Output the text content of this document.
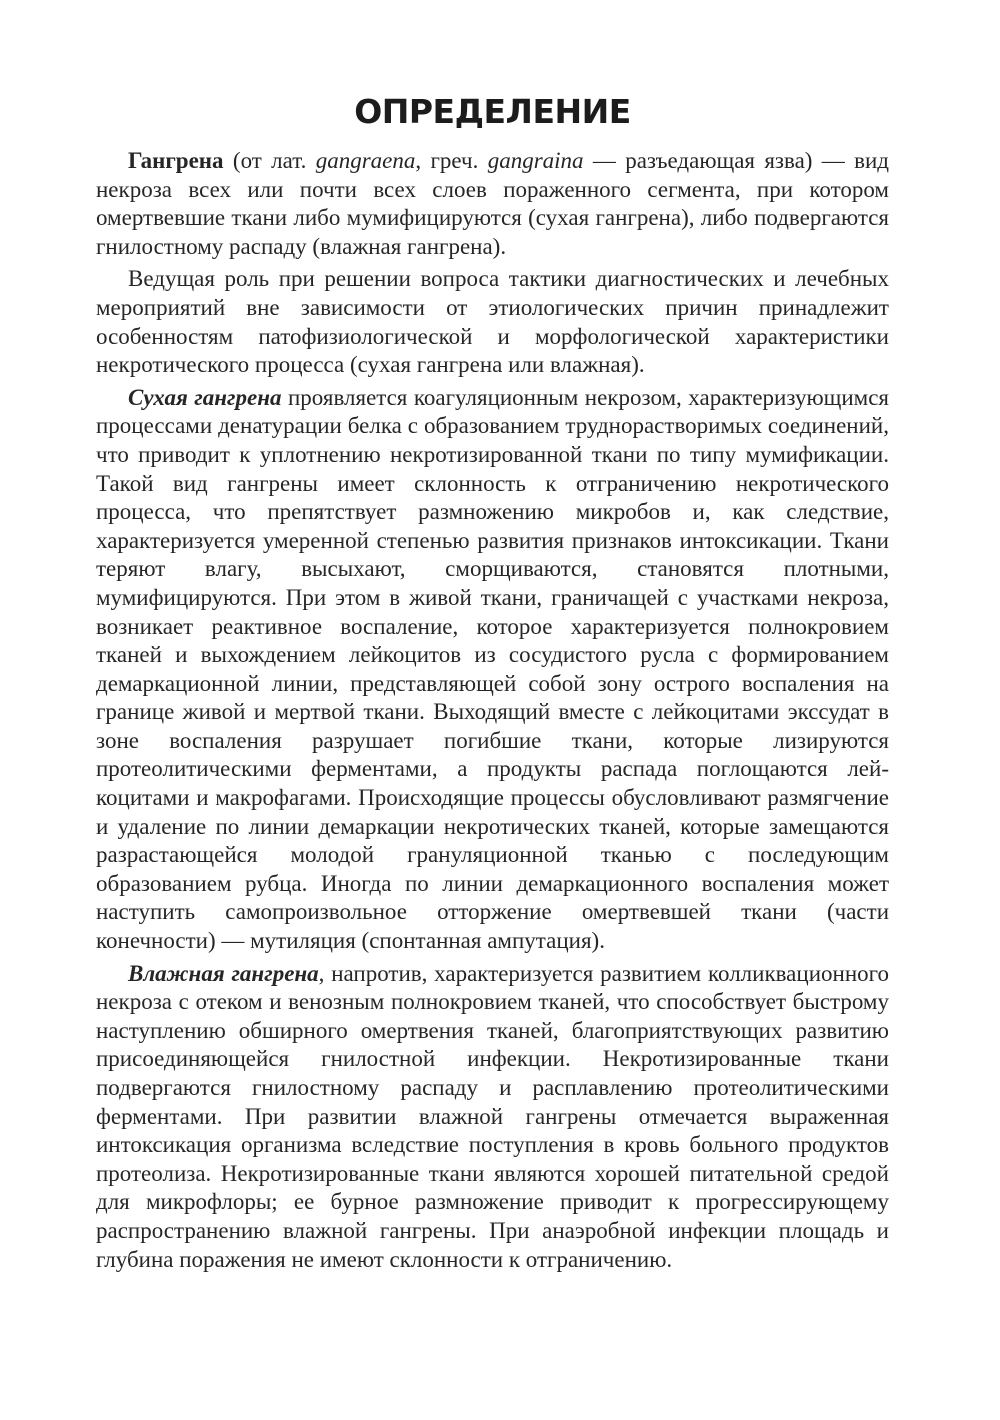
ОПРЕДЕЛЕНИЕ

Гангрена (от лат. gangraena, греч. gangraina — разъедающая язва) — вид некроза всех или почти всех слоев пораженного сегмента, при котором омертвевшие ткани либо мумифицируются (сухая гангрена), либо подвергаются гнилостному распаду (влажная гангрена).

Ведущая роль при решении вопроса тактики диагностических и лечебных мероприятий вне зависимости от этиологических причин принадлежит особенностям патофизиологической и морфологической характеристики некротического процесса (сухая гангрена или влажная).

Сухая гангрена проявляется коагуляционным некрозом, характеризующимся процессами денатурации белка с образованием труднорастворимых соединений, что приводит к уплотнению некротизированной ткани по типу мумификации. Такой вид гангрены имеет склонность к отграничению некротического процесса, что препятствует размножению микробов и, как следствие, характеризуется умеренной степенью развития признаков интоксикации. Ткани теряют влагу, высыхают, сморщиваются, становятся плотными, мумифицируются. При этом в живой ткани, граничащей с участками некроза, возникает реактивное воспаление, которое характеризуется полнокровием тканей и выхождением лейкоцитов из сосудистого русла с формированием демаркационной линии, представляющей собой зону острого воспаления на границе живой и мертвой ткани. Выходящий вместе с лейкоцитами экссудат в зоне воспаления разрушает погибшие ткани, которые лизируются протеолитическими ферментами, а продукты распада поглощаются лейкоцитами и макрофагами. Происходящие процессы обусловливают размягчение и удаление по линии демаркации некротических тканей, которые замещаются разрастающейся молодой грануляционной тканью с последующим образованием рубца. Иногда по линии демаркационного воспаления может наступить самопроизвольное отторжение омертвевшей ткани (части конечности) — мутиляция (спонтанная ампутация).

Влажная гангрена, напротив, характеризуется развитием колликвационного некроза с отеком и венозным полнокровием тканей, что способствует быстрому наступлению обширного омертвения тканей, благоприятствующих развитию присоединяющейся гнилостной инфекции. Некротизированные ткани подвергаются гнилостному распаду и расплавлению протеолитическими ферментами. При развитии влажной гангрены отмечается выраженная интоксикация организма вследствие поступления в кровь больного продуктов протеолиза. Некротизированные ткани являются хорошей питательной средой для микрофлоры; ее бурное размножение приводит к прогрессирующему распространению влажной гангрены. При анаэробной инфекции площадь и глубина поражения не имеют склонности к отграничению.
